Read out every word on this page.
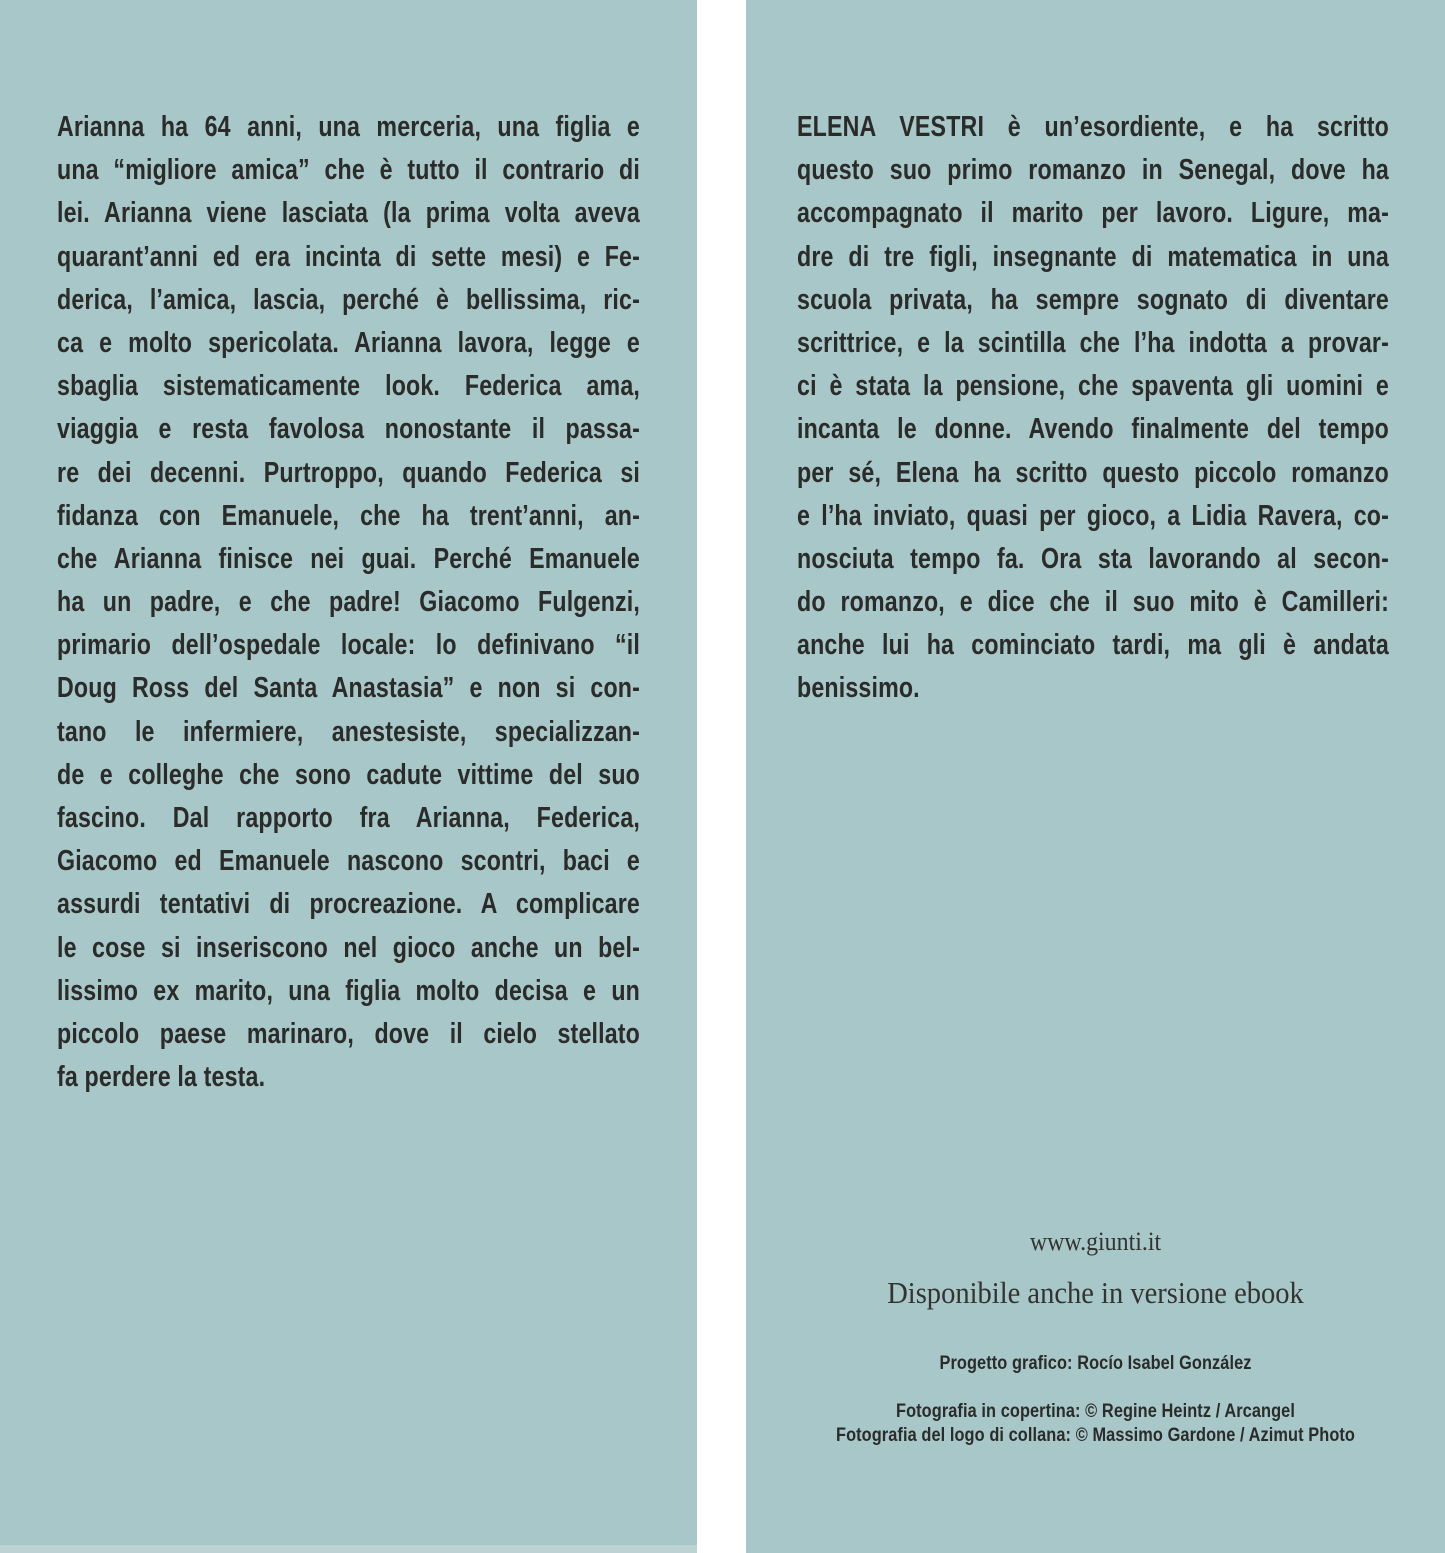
Arianna ha 64 anni, una merceria, una figlia e
una “migliore amica” che è tutto il contrario di
lei. Arianna viene lasciata (la prima volta aveva
quarant’anni ed era incinta di sette mesi) e Fe-
derica, l’amica, lascia, perché è bellissima, ric-
ca e molto spericolata. Arianna lavora, legge e
sbaglia sistematicamente look. Federica ama,
viaggia e resta favolosa nonostante il passa-
re dei decenni. Purtroppo, quando Federica si
fidanza con Emanuele, che ha trent’anni, an-
che Arianna finisce nei guai. Perché Emanuele
ha un padre, e che padre! Giacomo Fulgenzi,
primario dell’ospedale locale: lo definivano “il
Doug Ross del Santa Anastasia” e non si con-
tano le infermiere, anestesiste, specializzan-
de e colleghe che sono cadute vittime del suo
fascino. Dal rapporto fra Arianna, Federica,
Giacomo ed Emanuele nascono scontri, baci e
assurdi tentativi di procreazione. A complicare
le cose si inseriscono nel gioco anche un bel-
lissimo ex marito, una figlia molto decisa e un
piccolo paese marinaro, dove il cielo stellato
fa perdere la testa.
ELENA VESTRI è un’esordiente, e ha scritto
questo suo primo romanzo in Senegal, dove ha
accompagnato il marito per lavoro. Ligure, ma-
dre di tre figli, insegnante di matematica in una
scuola privata, ha sempre sognato di diventare
scrittrice, e la scintilla che l’ha indotta a provar-
ci è stata la pensione, che spaventa gli uomini e
incanta le donne. Avendo finalmente del tempo
per sé, Elena ha scritto questo piccolo romanzo
e l’ha inviato, quasi per gioco, a Lidia Ravera, co-
nosciuta tempo fa. Ora sta lavorando al secon-
do romanzo, e dice che il suo mito è Camilleri:
anche lui ha cominciato tardi, ma gli è andata
benissimo.
www.giunti.it
Disponibile anche in versione ebook
Progetto grafico: Rocío Isabel González
Fotografia in copertina: © Regine Heintz / Arcangel
Fotografia del logo di collana: © Massimo Gardone / Azimut Photo
